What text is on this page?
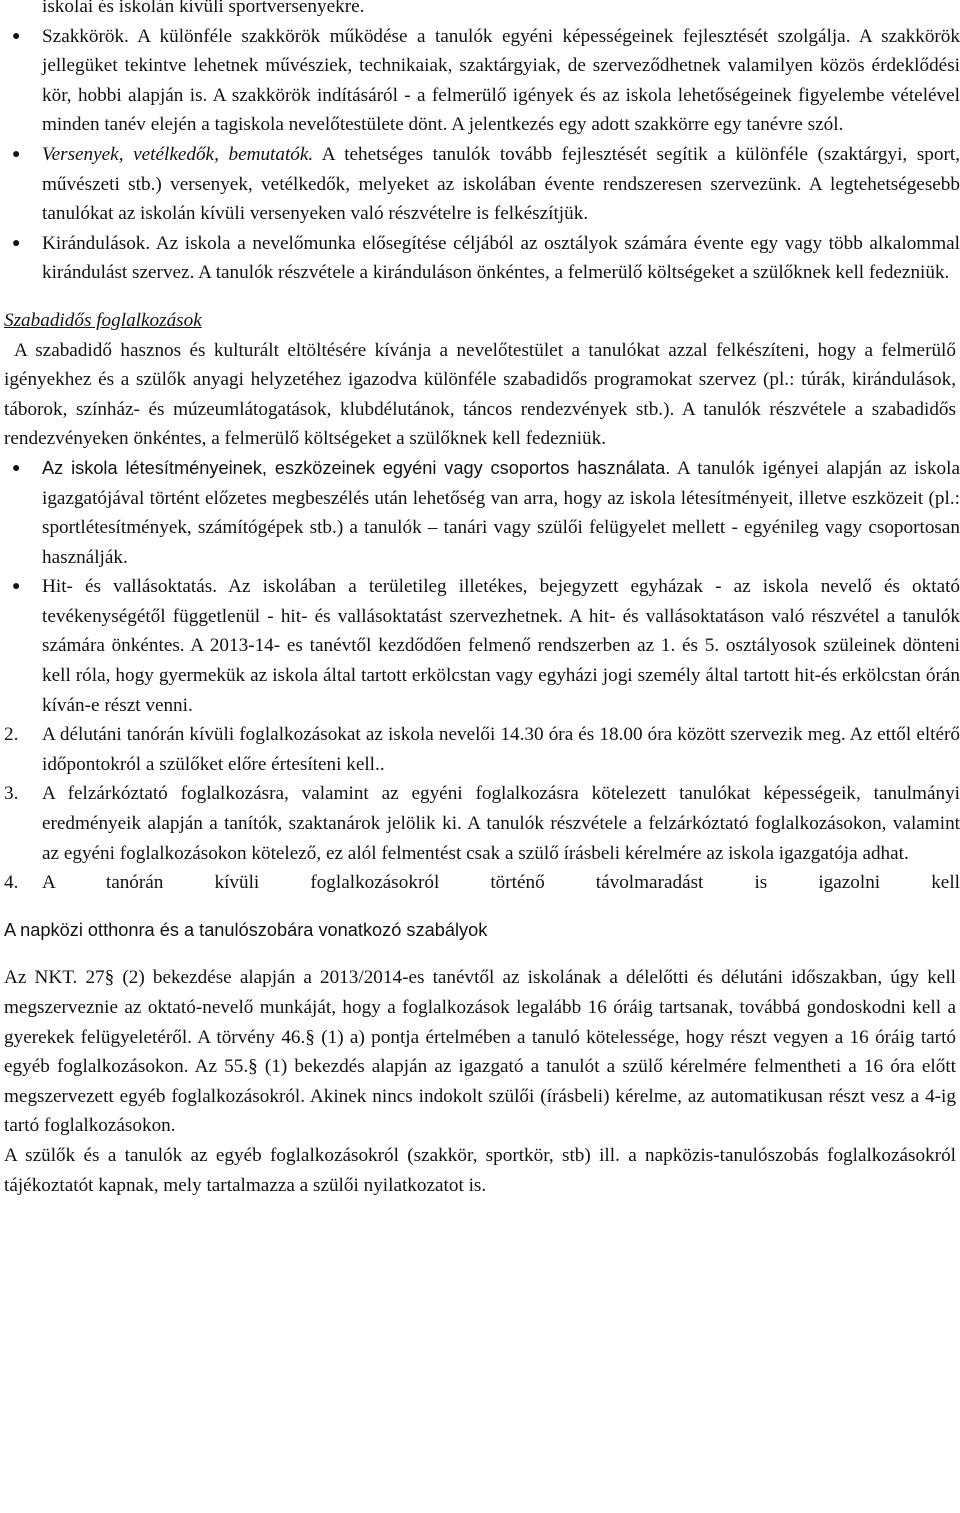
iskolai és iskolán kívüli sportversenyekre.

●	Szakkörök. A különféle szakkörök működése a tanulók egyéni képességeinek fejlesztését szolgálja. A szakkörök jellegüket tekintve lehetnek művésziek, technikaiak, szaktárgyiak, de szerveződhetnek valamilyen közös érdeklődési kör, hobbi alapján is. A szakkörök indításáról - a felmerülő igények és az iskola lehetőségeinek figyelembe vételével minden tanév elején a tagiskola nevelőtestülete dönt. A jelentkezés egy adott szakkörre egy tanévre szól.

●	Versenyek, vetélkedők, bemutatók. A tehetséges tanulók tovább fejlesztését segítik a különféle (szaktárgyi, sport, művészeti stb.) versenyek, vetélkedők, melyeket az iskolában évente rendszeresen szervezünk. A legtehetségesebb tanulókat az iskolán kívüli versenyeken való részvételre is felkészítjük.

●	Kirándulások. Az iskola a nevelőmunka elősegítése céljából az osztályok számára évente egy vagy több alkalommal kirándulást szervez. A tanulók részvétele a kiránduláson önkéntes, a felmerülő költségeket a szülőknek kell fedezniük.

Szabadidős foglalkozások

A szabadidő hasznos és kulturált eltöltésére kívánja a nevelőtestület a tanulókat azzal felkészíteni, hogy a felmerülő igényekhez és a szülők anyagi helyzetéhez igazodva különféle szabadidős programokat szervez (pl.: túrák, kirándulások, táborok, színház- és múzeumlátogatások, klubdélutánok, táncos rendezvények stb.). A tanulók részvétele a szabadidős rendezvényeken önkéntes, a felmerülő költségeket a szülőknek kell fedezniük.

●	Az iskola létesítményeinek, eszközeinek egyéni vagy csoportos használata. A tanulók igényei alapján az iskola igazgatójával történt előzetes megbeszélés után lehetőség van arra, hogy az iskola létesítményeit, illetve eszközeit (pl.: sportlétesítmények, számítógépek stb.) a tanulók – tanári vagy szülői felügyelet mellett - egyénileg vagy csoportosan használják.

●	Hit- és vallásoktatás. Az iskolában a területileg illetékes, bejegyzett egyházak - az iskola nevelő és oktató tevékenységétől függetlenül - hit- és vallásoktatást szervezhetnek. A hit- és vallásoktatáson való részvétel a tanulók számára önkéntes. A 2013-14- es tanévtől kezdődően felmenő rendszerben az 1. és 5. osztályosok szüleinek dönteni kell róla, hogy gyermekük az iskola által tartott erkölcstan vagy egyházi jogi személy által tartott hit-és erkölcstan órán kíván-e részt venni.

2. A délutáni tanórán kívüli foglalkozásokat az iskola nevelői 14.30 óra és 18.00 óra között szervezik meg. Az ettől eltérő időpontokról a szülőket előre értesíteni kell..

3. A felzárkóztató foglalkozásra, valamint az egyéni foglalkozásra kötelezett tanulókat képességeik, tanulmányi eredményeik alapján a tanítók, szaktanárok jelölik ki. A tanulók részvétele a felzárkóztató foglalkozásokon, valamint az egyéni foglalkozásokon kötelező, ez alól felmentést csak a szülő írásbeli kérelmére az iskola igazgatója adhat.

4. A tanórán kívüli foglalkozásokról történő távolmaradást is igazolni kell

A napközi otthonra és a tanulószobára vonatkozó szabályok

Az NKT. 27§ (2) bekezdése alapján a 2013/2014-es tanévtől az iskolának a délelőtti és délutáni időszakban, úgy kell megszerveznie az oktató-nevelő munkáját, hogy a foglalkozások legalább 16 óráig tartsanak, továbbá gondoskodni kell a gyerekek felügyeletéről. A törvény 46.§ (1) a) pontja értelmében a tanuló kötelessége, hogy részt vegyen a 16 óráig tartó egyéb foglalkozásokon. Az 55.§ (1) bekezdés alapján az igazgató a tanulót a szülő kérelmére felmentheti a 16 óra előtt megszervezett egyéb foglalkozásokról. Akinek nincs indokolt szülői (írásbeli) kérelme, az automatikusan részt vesz a 4-ig tartó foglalkozásokon.

A szülők és a tanulók az egyéb foglalkozásokról (szakkör, sportkör, stb) ill. a napközis-tanulószobás foglalkozásokról tájékoztatót kapnak, mely tartalmazza a szülői nyilatkozatot is.
